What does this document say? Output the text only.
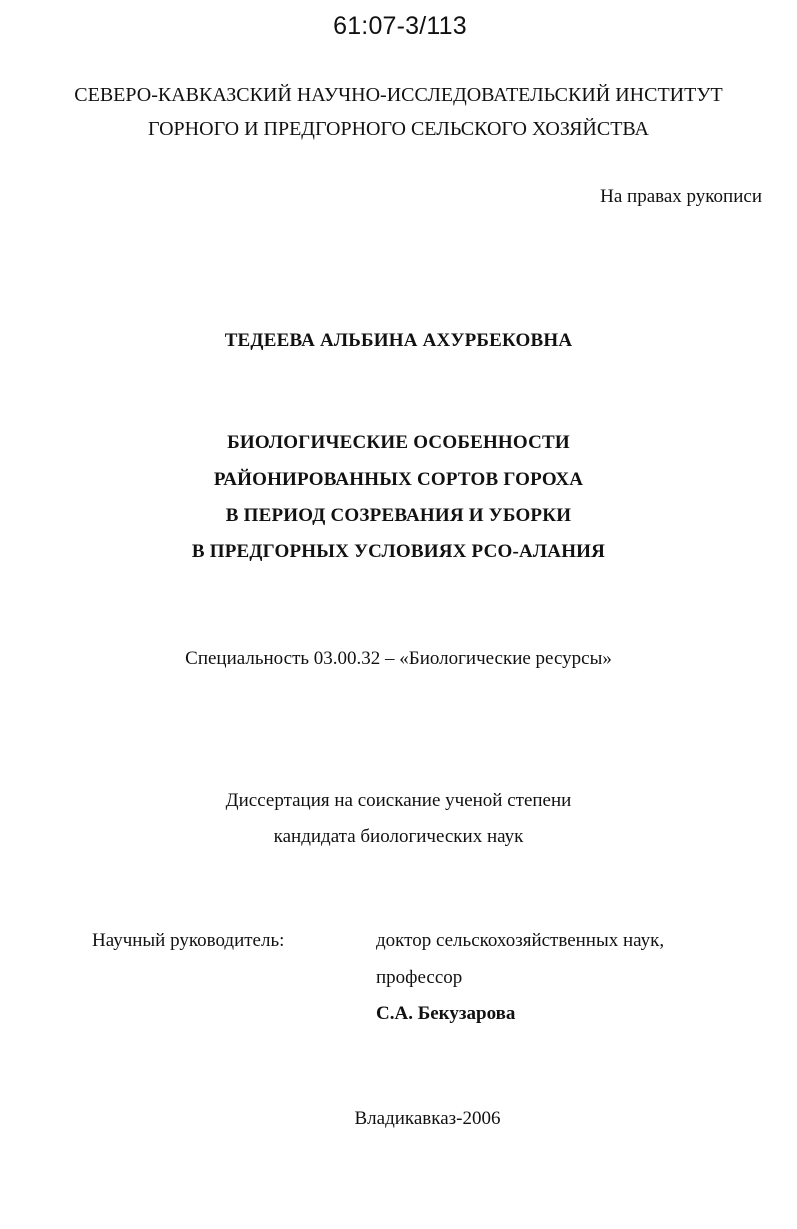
61:07-3/113
СЕВЕРО-КАВКАЗСКИЙ НАУЧНО-ИССЛЕДОВАТЕЛЬСКИЙ ИНСТИТУТ
ГОРНОГО И ПРЕДГОРНОГО СЕЛЬСКОГО ХОЗЯЙСТВА
На правах рукописи
ТЕДЕЕВА АЛЬБИНА АХУРБЕКОВНА
БИОЛОГИЧЕСКИЕ ОСОБЕННОСТИ
РАЙОНИРОВАННЫХ СОРТОВ ГОРОХА
В ПЕРИОД СОЗРЕВАНИЯ И УБОРКИ
В ПРЕДГОРНЫХ УСЛОВИЯХ РСО-АЛАНИЯ
Специальность 03.00.32 – «Биологические ресурсы»
Диссертация на соискание ученой степени
кандидата биологических наук
Научный руководитель:	доктор сельскохозяйственных наук,
профессор
С.А. Бекузарова
Владикавказ-2006
